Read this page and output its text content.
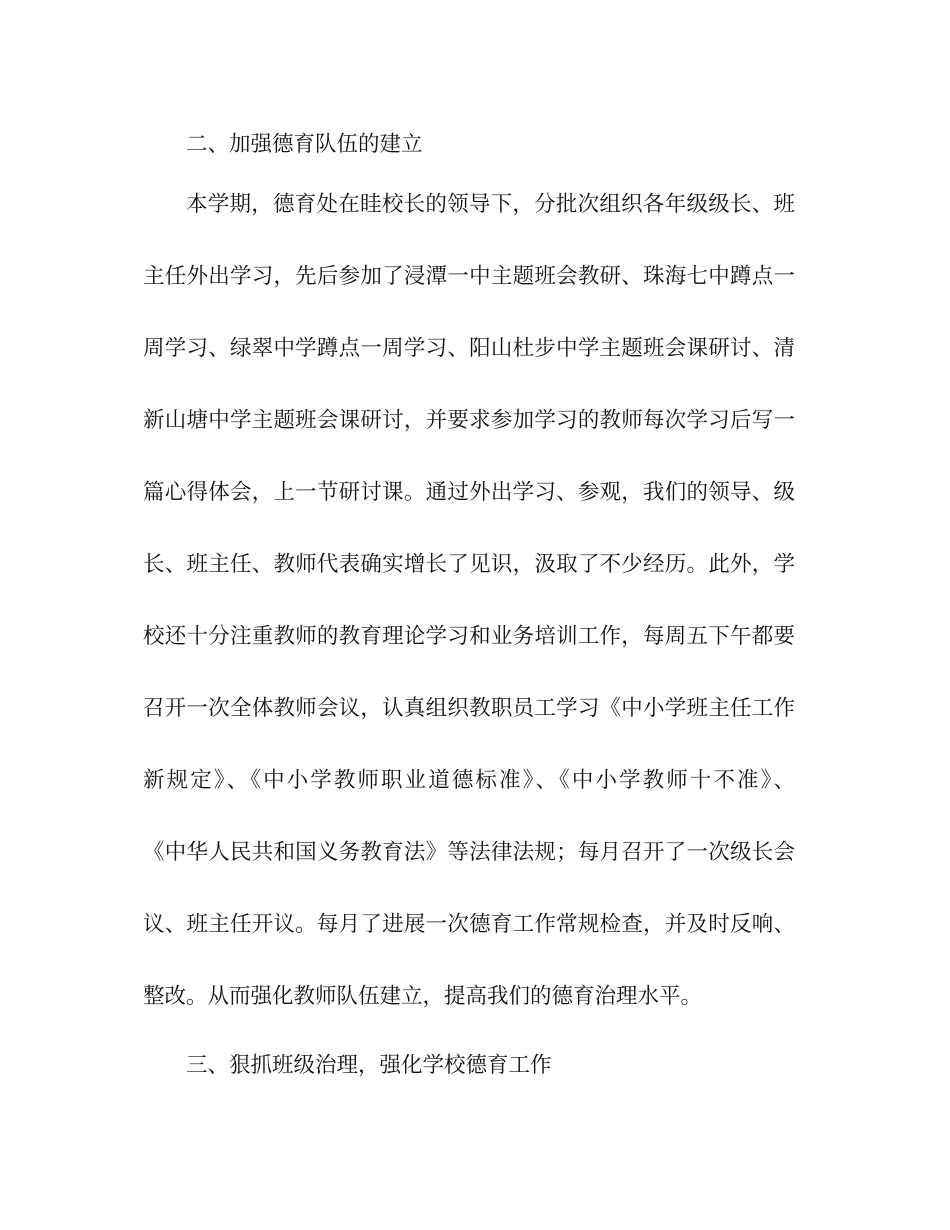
二、加强德育队伍的建立
本学期，德育处在眭校长的领导下，分批次组织各年级级长、班
主任外出学习，先后参加了浸潭一中主题班会教研、珠海七中蹲点一
周学习、绿翠中学蹲点一周学习、阳山杜步中学主题班会课研讨、清
新山塘中学主题班会课研讨，并要求参加学习的教师每次学习后写一
篇心得体会，上一节研讨课。通过外出学习、参观，我们的领导、级
长、班主任、教师代表确实增长了见识，汲取了不少经历。此外，学
校还十分注重教师的教育理论学习和业务培训工作，每周五下午都要
召开一次全体教师会议，认真组织教职员工学习《中小学班主任工作
新规定》、《中小学教师职业道德标准》、《中小学教师十不准》、
《中华人民共和国义务教育法》等法律法规；每月召开了一次级长会
议、班主任开议。每月了进展一次德育工作常规检查，并及时反响、
整改。从而强化教师队伍建立，提高我们的德育治理水平。
三、狠抓班级治理，强化学校德育工作
